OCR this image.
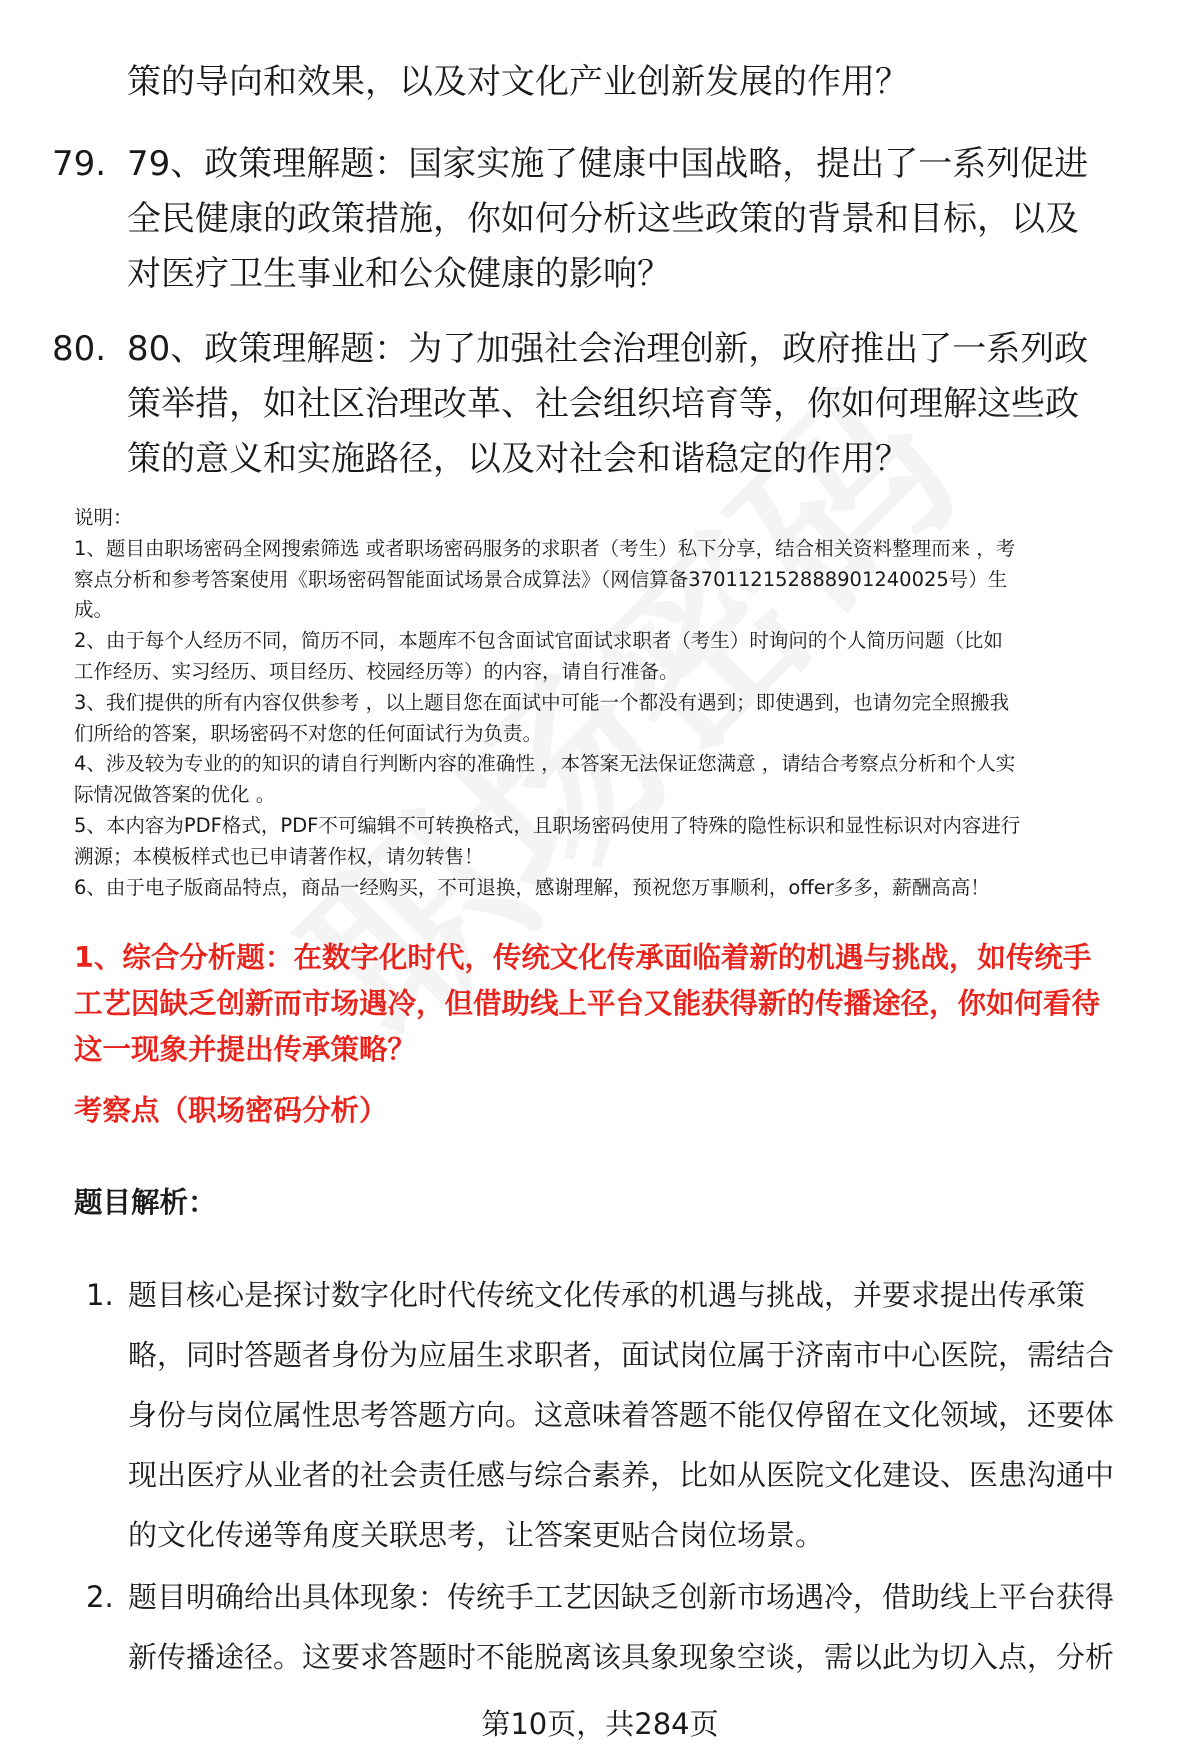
策的导向和效果，以及对文化产业创新发展的作用？
79. 79、政策理解题：国家实施了健康中国战略，提出了一系列促进
全民健康的政策措施，你如何分析这些政策的背景和目标，以及
对医疗卫生事业和公众健康的影响？
80. 80、政策理解题：为了加强社会治理创新，政府推出了一系列政
策举措，如社区治理改革、社会组织培育等，你如何理解这些政
策的意义和实施路径，以及对社会和谐稳定的作用？
说明：
1、题目由职场密码全网搜索筛选 或者职场密码服务的求职者（考生）私下分享，结合相关资料整理而来 ，考
察点分析和参考答案使用《职场密码智能面试场景合成算法》（网信算备370112152888901240025号）生
成。
2、由于每个人经历不同，简历不同，本题库不包含面试官面试求职者（考生）时询问的个人简历问题（比如
工作经历、实习经历、项目经历、校园经历等）的内容，请自行准备。
3、我们提供的所有内容仅供参考 ，以上题目您在面试中可能一个都没有遇到；即使遇到，也请勿完全照搬我
们所给的答案，职场密码不对您的任何面试行为负责。
4、涉及较为专业的的知识的请自行判断内容的准确性 ，本答案无法保证您满意 ，请结合考察点分析和个人实
际情况做答案的优化 。
5、本内容为PDF格式，PDF不可编辑不可转换格式，且职场密码使用了特殊的隐性标识和显性标识对内容进行
溯源；本模板样式也已申请著作权，请勿转售！
6、由于电子版商品特点，商品一经购买，不可退换，感谢理解，预祝您万事顺利，offer多多，薪酬高高！
1、综合分析题：在数字化时代，传统文化传承面临着新的机遇与挑战，如传统手
工艺因缺乏创新而市场遇冷，但借助线上平台又能获得新的传播途径，你如何看待
这一现象并提出传承策略？
考察点（职场密码分析）
题目解析：
1. 题目核心是探讨数字化时代传统文化传承的机遇与挑战，并要求提出传承策
略，同时答题者身份为应届生求职者，面试岗位属于济南市中心医院，需结合
身份与岗位属性思考答题方向。这意味着答题不能仅停留在文化领域，还要体
现出医疗从业者的社会责任感与综合素养，比如从医院文化建设、医患沟通中
的文化传递等角度关联思考，让答案更贴合岗位场景。
2. 题目明确给出具体现象：传统手工艺因缺乏创新市场遇冷，借助线上平台获得
新传播途径。这要求答题时不能脱离该具象现象空谈，需以此为切入点，分析
第10页，共284页
